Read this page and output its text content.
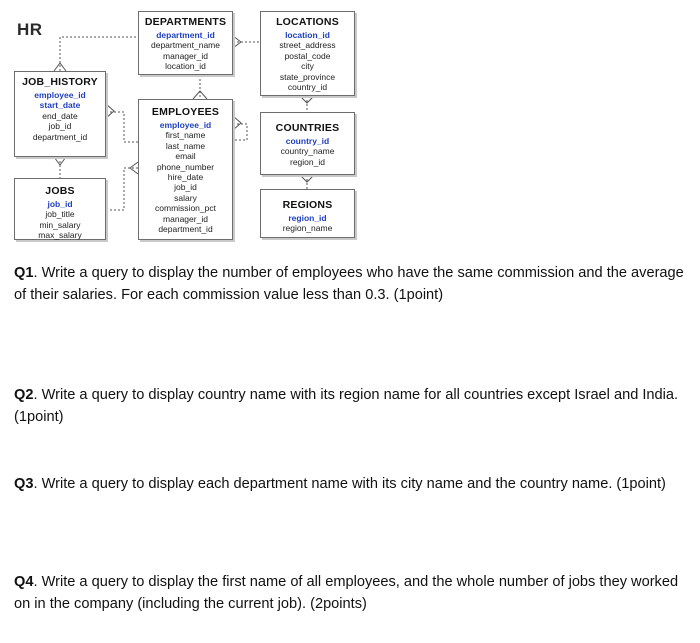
HR
JOB_HISTORY
employee_id
start_date
end_date
job_id
department_id
JOBS
job_id
job_title
min_salary
max_salary
DEPARTMENTS
department_id
department_name
manager_id
location_id
EMPLOYEES
employee_id
first_name
last_name
email
phone_number
hire_date
job_id
salary
commission_pct
manager_id
department_id
LOCATIONS
location_id
street_address
postal_code
city
state_province
country_id
COUNTRIES
country_id
country_name
region_id
REGIONS
region_id
region_name
Q1. Write a query to display the number of employees who have the same commission and the average
of their salaries. For each commission value less than 0.3. (1point)
Q2. Write a query to display country name with its region name for all countries except Israel and India.
(1point)
Q3. Write a query to display each department name with its city name and the country name. (1point)
Q4. Write a query to display the first name of all employees, and the whole number of jobs they worked
on in the company (including the current job). (2points)
